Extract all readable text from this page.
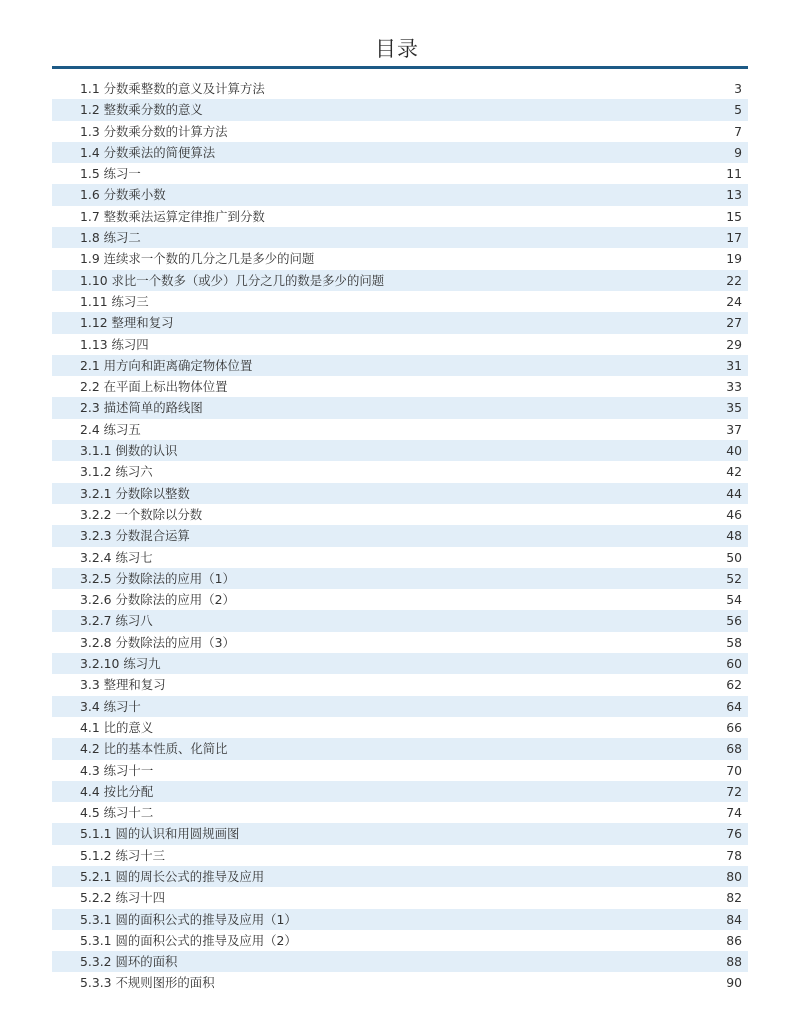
目录
1.1 分数乘整数的意义及计算方法	3
1.2 整数乘分数的意义	5
1.3 分数乘分数的计算方法	7
1.4 分数乘法的简便算法	9
1.5 练习一	11
1.6 分数乘小数	13
1.7 整数乘法运算定律推广到分数	15
1.8 练习二	17
1.9 连续求一个数的几分之几是多少的问题	19
1.10 求比一个数多（或少）几分之几的数是多少的问题	22
1.11 练习三	24
1.12 整理和复习	27
1.13 练习四	29
2.1 用方向和距离确定物体位置	31
2.2 在平面上标出物体位置	33
2.3 描述简单的路线图	35
2.4 练习五	37
3.1.1 倒数的认识	40
3.1.2 练习六	42
3.2.1 分数除以整数	44
3.2.2 一个数除以分数	46
3.2.3 分数混合运算	48
3.2.4 练习七	50
3.2.5 分数除法的应用（1）	52
3.2.6 分数除法的应用（2）	54
3.2.7 练习八	56
3.2.8 分数除法的应用（3）	58
3.2.10 练习九	60
3.3 整理和复习	62
3.4 练习十	64
4.1 比的意义	66
4.2 比的基本性质、化简比	68
4.3 练习十一	70
4.4 按比分配	72
4.5 练习十二	74
5.1.1 圆的认识和用圆规画图	76
5.1.2 练习十三	78
5.2.1 圆的周长公式的推导及应用	80
5.2.2 练习十四	82
5.3.1 圆的面积公式的推导及应用（1）	84
5.3.1 圆的面积公式的推导及应用（2）	86
5.3.2 圆环的面积	88
5.3.3 不规则图形的面积	90
